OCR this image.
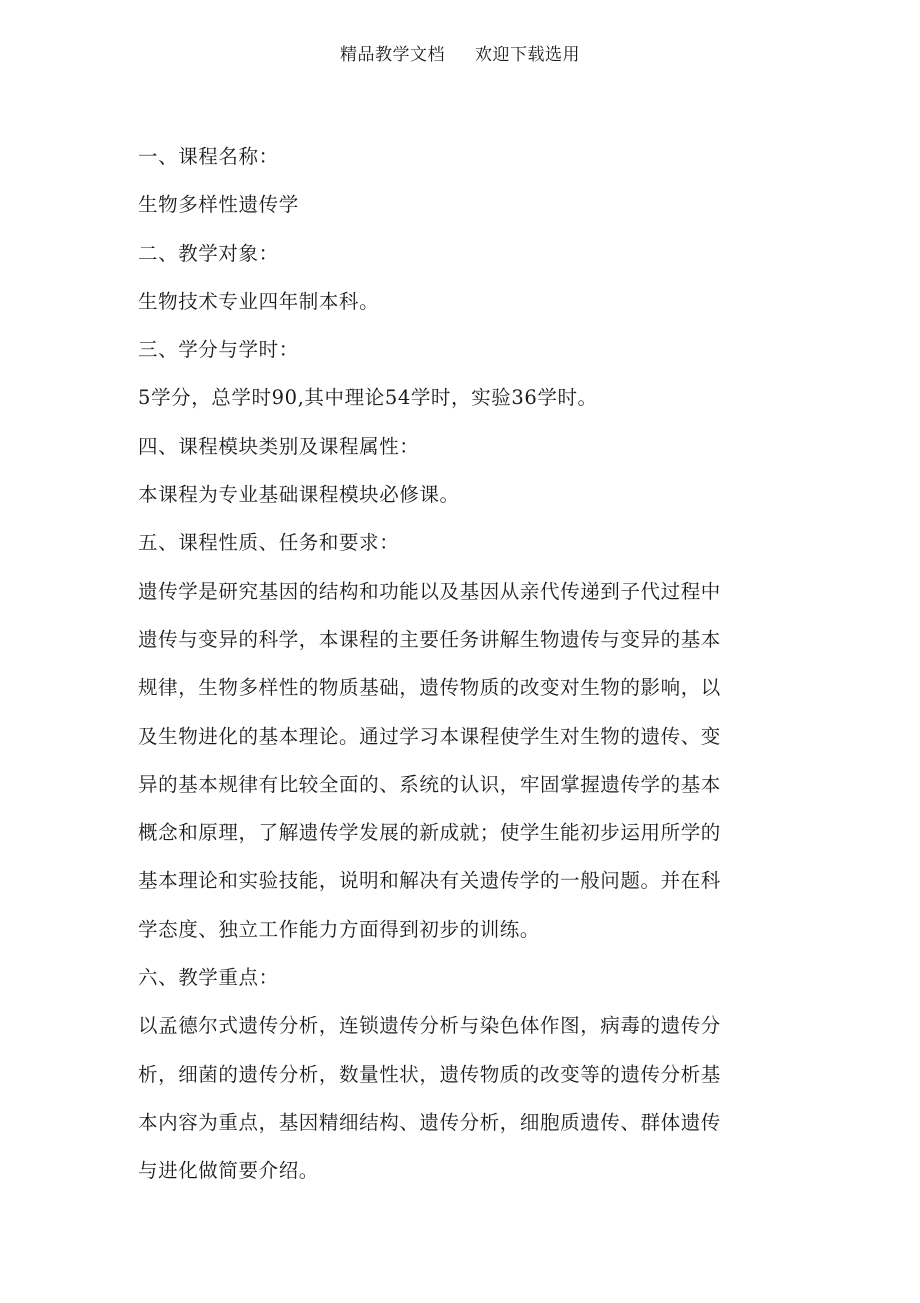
精品教学文档 欢迎下载选用
一、课程名称：
生物多样性遗传学
二、教学对象：
生物技术专业四年制本科。
三、学分与学时：
5学分，总学时90,其中理论54学时，实验36学时。
四、课程模块类别及课程属性：
本课程为专业基础课程模块必修课。
五、课程性质、任务和要求：
遗传学是研究基因的结构和功能以及基因从亲代传递到子代过程中
遗传与变异的科学，本课程的主要任务讲解生物遗传与变异的基本
规律，生物多样性的物质基础，遗传物质的改变对生物的影响，以
及生物进化的基本理论。通过学习本课程使学生对生物的遗传、变
异的基本规律有比较全面的、系统的认识，牢固掌握遗传学的基本
概念和原理，了解遗传学发展的新成就；使学生能初步运用所学的
基本理论和实验技能，说明和解决有关遗传学的一般问题。并在科
学态度、独立工作能力方面得到初步的训练。
六、教学重点：
以孟德尔式遗传分析，连锁遗传分析与染色体作图，病毒的遗传分
析，细菌的遗传分析，数量性状，遗传物质的改变等的遗传分析基
本内容为重点，基因精细结构、遗传分析，细胞质遗传、群体遗传
与进化做简要介绍。
